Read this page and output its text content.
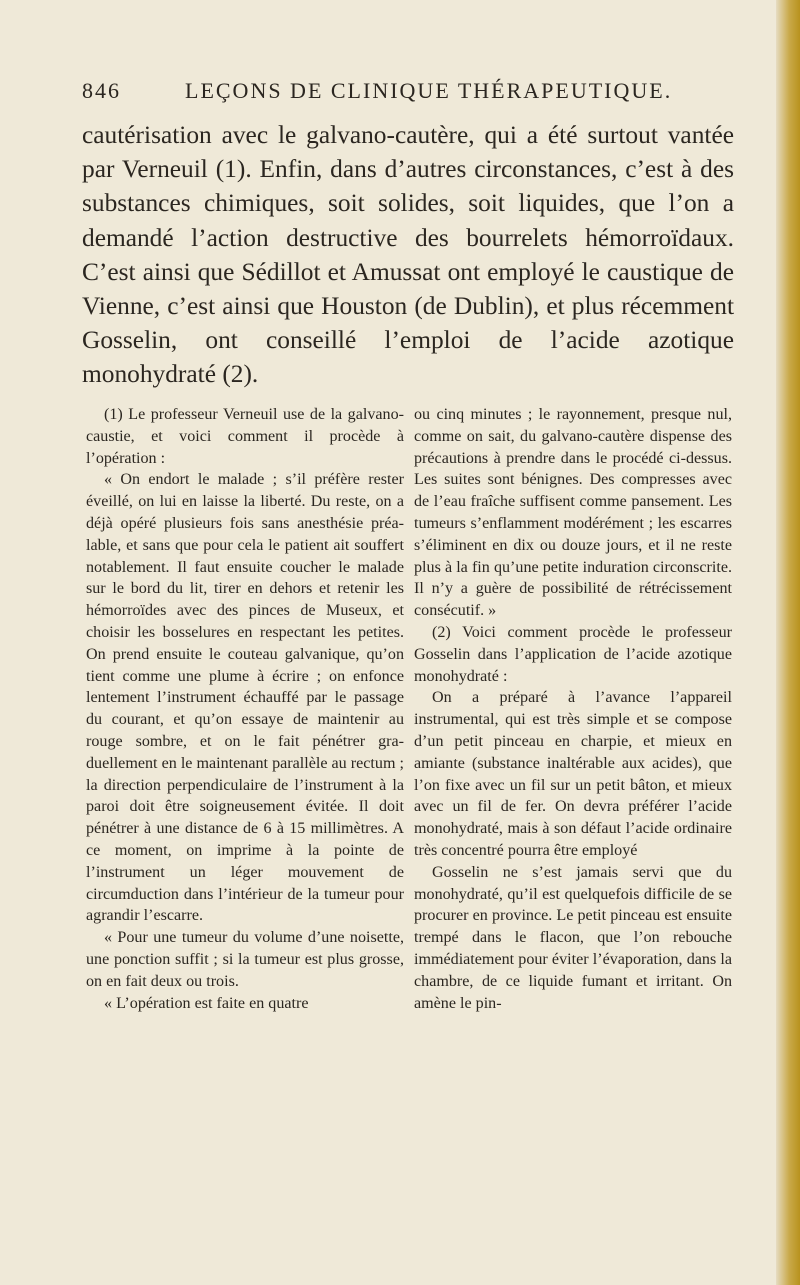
846	LEÇONS DE CLINIQUE THÉRAPEUTIQUE.

cautérisation avec le galvano-cautère, qui a été surtout vantée par Verneuil (1). Enfin, dans d’autres circonstances, c’est à des substances chimiques, soit solides, soit liquides, que l’on a demandé l’action destructive des bourrelets hémorroïdaux. C’est ainsi que Sédillot et Amussat ont employé le caustique de Vienne, c’est ainsi que Houston (de Dublin), et plus récemment Gosselin, ont conseillé l’emploi de l’acide azotique monohydraté (2).

(1) Le professeur Verneuil use de la galvano-caustie, et voici comment il procède à l’opération :

« On endort le malade ; s’il préfère rester éveillé, on lui en laisse la liberté. Du reste, on a déjà opéré plusieurs fois sans anesthésie préalable, et sans que pour cela le patient ait souffert notablement. Il faut ensuite coucher le malade sur le bord du lit, tirer en dehors et retenir les hémorroïdes avec des pinces de Museux, et choisir les bosselures en respectant les petites. On prend ensuite le couteau galvanique, qu’on tient comme une plume à écrire ; on enfonce lentement l’instrument échauffé par le passage du courant, et qu’on essaye de maintenir au rouge sombre, et on le fait pénétrer graduellement en le maintenant parallèle au rectum ; la direction perpendiculaire de l’instrument à la paroi doit être soigneusement évitée. Il doit pénétrer à une distance de 6 à 15 millimètres. A ce moment, on imprime à la pointe de l’instrument un léger mouvement de circumduction dans l’intérieur de la tumeur pour agrandir l’escarre.

« Pour une tumeur du volume d’une noisette, une ponction suffit ; si la tumeur est plus grosse, on en fait deux ou trois.

« L’opération est faite en quatre

ou cinq minutes ; le rayonnement, presque nul, comme on sait, du galvano-cautère dispense des précautions à prendre dans le procédé ci-dessus. Les suites sont bénignes. Des compresses avec de l’eau fraîche suffisent comme pansement. Les tumeurs s’enflamment modérément ; les escarres s’éliminent en dix ou douze jours, et il ne reste plus à la fin qu’une petite induration circonscrite. Il n’y a guère de possibilité de rétrécissement consécutif. »

(2) Voici comment procède le professeur Gosselin dans l’application de l’acide azotique monohydraté :

On a préparé à l’avance l’appareil instrumental, qui est très simple et se compose d’un petit pinceau en charpie, et mieux en amiante (substance inaltérable aux acides), que l’on fixe avec un fil sur un petit bâton, et mieux avec un fil de fer. On devra préférer l’acide monohydraté, mais à son défaut l’acide ordinaire très concentré pourra être employé

Gosselin ne s’est jamais servi que du monohydraté, qu’il est quelquefois difficile de se procurer en province. Le petit pinceau est ensuite trempé dans le flacon, que l’on rebouche immédiatement pour éviter l’évaporation, dans la chambre, de ce liquide fumant et irritant. On amène le pin-
